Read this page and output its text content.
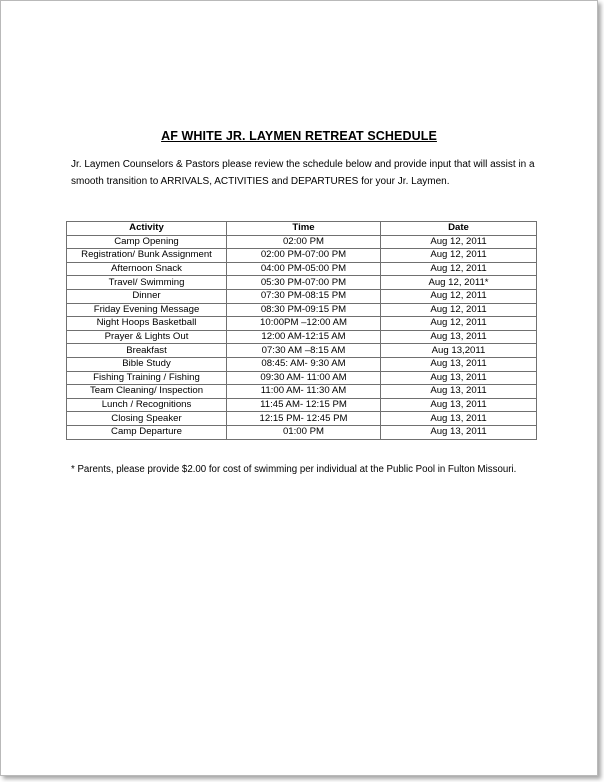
AF WHITE JR. LAYMEN RETREAT SCHEDULE
Jr. Laymen Counselors & Pastors please review the schedule below and provide input that will assist in a smooth transition to ARRIVALS, ACTIVITIES and DEPARTURES for your Jr. Laymen.
Activity	Time	Date
Camp Opening	02:00 PM	Aug 12, 2011
Registration/ Bunk Assignment	02:00 PM-07:00 PM	Aug 12, 2011
Afternoon Snack	04:00 PM-05:00 PM	Aug 12, 2011
Travel/ Swimming	05:30 PM-07:00 PM	Aug 12, 2011*
Dinner	07:30 PM-08:15 PM	Aug 12, 2011
Friday Evening Message	08:30 PM-09:15 PM	Aug 12, 2011
Night Hoops Basketball	10:00PM –12:00 AM	Aug 12, 2011
Prayer & Lights Out	12:00 AM-12:15 AM	Aug 13, 2011
Breakfast	07:30 AM –8:15 AM	Aug 13,2011
Bible Study	08:45: AM- 9:30 AM	Aug 13, 2011
Fishing Training / Fishing	09:30 AM- 11:00 AM	Aug 13, 2011
Team Cleaning/ Inspection	11:00 AM- 11:30 AM	Aug 13, 2011
Lunch / Recognitions	11:45 AM- 12:15 PM	Aug 13, 2011
Closing Speaker	12:15 PM- 12:45 PM	Aug 13, 2011
Camp Departure	01:00 PM	Aug 13, 2011
* Parents, please provide $2.00 for cost of swimming per individual at the Public Pool in Fulton Missouri.
